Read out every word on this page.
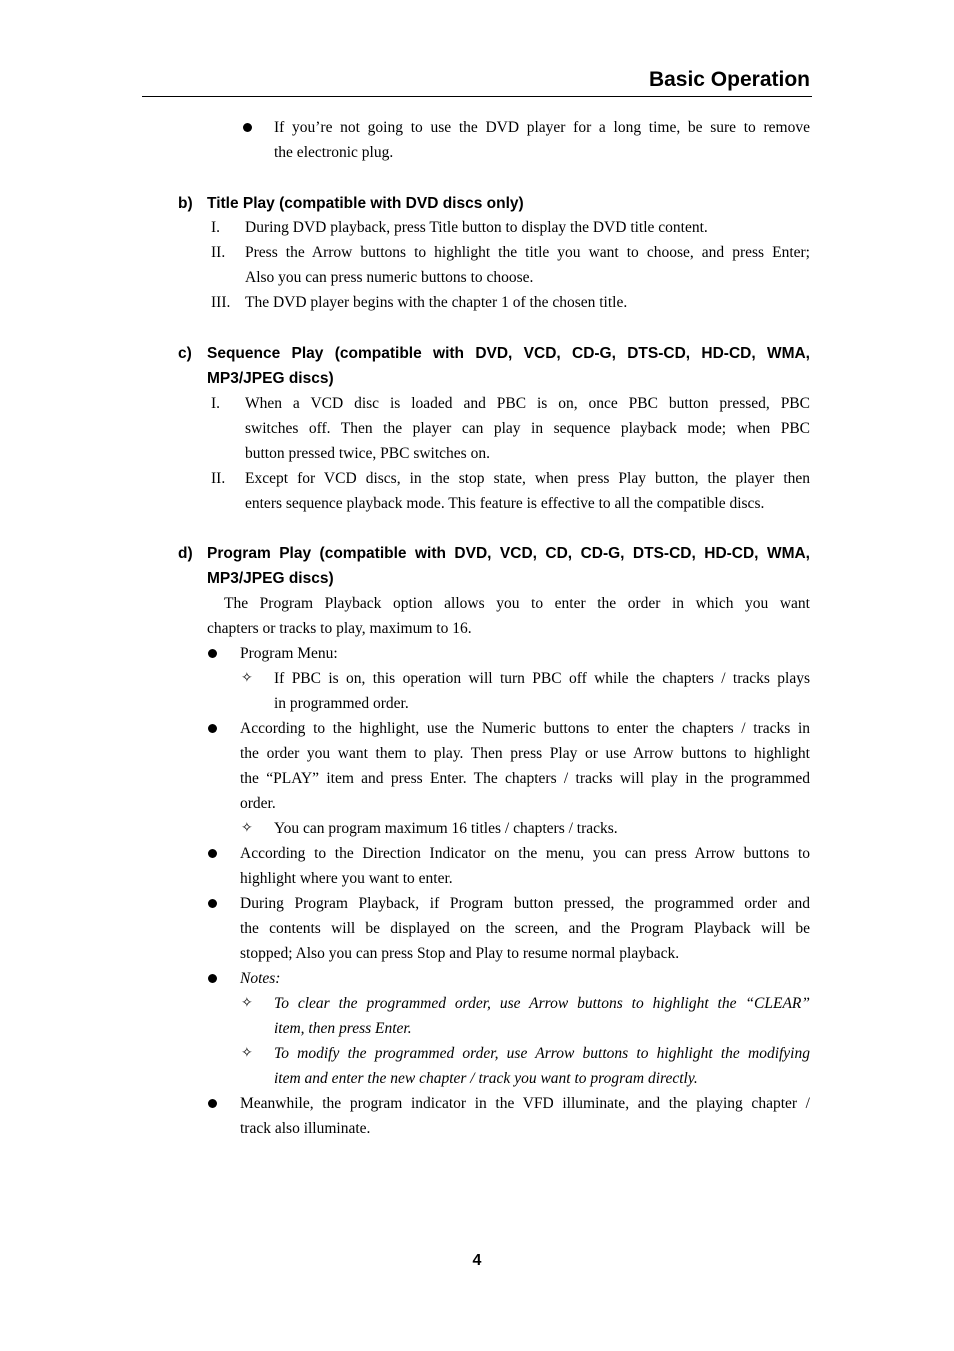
Basic Operation
If you’re not going to use the DVD player for a long time, be sure to remove
the electronic plug.
b) Title Play (compatible with DVD discs only)
I. During DVD playback, press Title button to display the DVD title content.
II. Press the Arrow buttons to highlight the title you want to choose, and press Enter;
Also you can press numeric buttons to choose.
III. The DVD player begins with the chapter 1 of the chosen title.
c) Sequence Play (compatible with DVD, VCD, CD-G, DTS-CD, HD-CD, WMA,
MP3/JPEG discs)
I. When a VCD disc is loaded and PBC is on, once PBC button pressed, PBC
switches off. Then the player can play in sequence playback mode; when PBC
button pressed twice, PBC switches on.
II. Except for VCD discs, in the stop state, when press Play button, the player then
enters sequence playback mode. This feature is effective to all the compatible discs.
d) Program Play (compatible with DVD, VCD, CD, CD-G, DTS-CD, HD-CD, WMA,
MP3/JPEG discs)
The Program Playback option allows you to enter the order in which you want
chapters or tracks to play, maximum to 16.
Program Menu:
✧ If PBC is on, this operation will turn PBC off while the chapters / tracks plays
in programmed order.
According to the highlight, use the Numeric buttons to enter the chapters / tracks in
the order you want them to play. Then press Play or use Arrow buttons to highlight
the “PLAY” item and press Enter. The chapters / tracks will play in the programmed
order.
✧ You can program maximum 16 titles / chapters / tracks.
According to the Direction Indicator on the menu, you can press Arrow buttons to
highlight where you want to enter.
During Program Playback, if Program button pressed, the programmed order and
the contents will be displayed on the screen, and the Program Playback will be
stopped; Also you can press Stop and Play to resume normal playback.
Notes:
✧ To clear the programmed order, use Arrow buttons to highlight the “CLEAR”
item, then press Enter.
✧ To modify the programmed order, use Arrow buttons to highlight the modifying
item and enter the new chapter / track you want to program directly.
Meanwhile, the program indicator in the VFD illuminate, and the playing chapter /
track also illuminate.
4
